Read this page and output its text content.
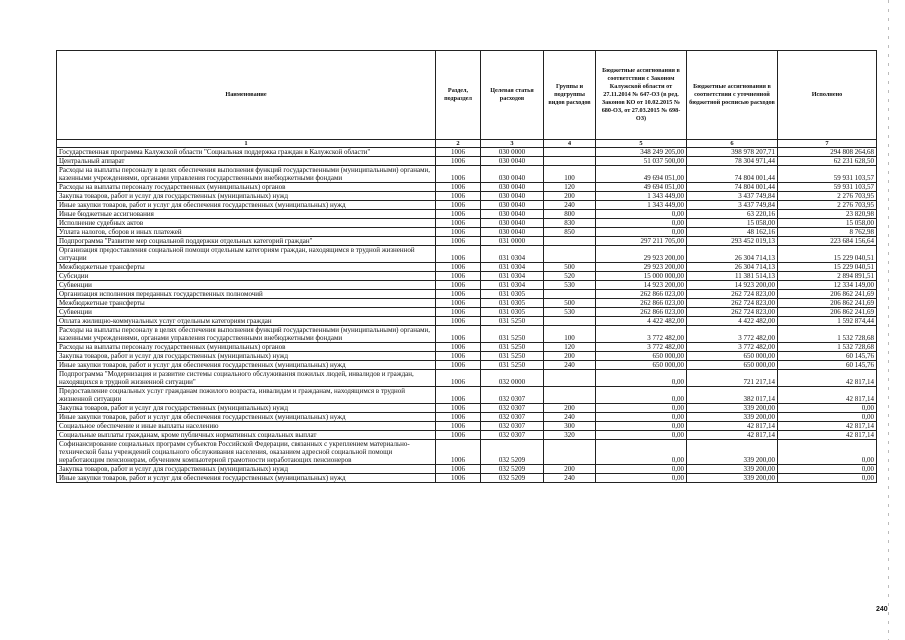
Наименование	Раздел, подраздел	Целевая статья расходов	Группы и подгруппы видов расходов	Бюджетные ассигнования в соответствии с Законом Калужской области от 27.11.2014 № 647-ОЗ (в ред. Законов КО от 10.02.2015 № 680-ОЗ, от 27.03.2015 № 698-ОЗ)	Бюджетные ассигнования в соответствии с уточненной бюджетной росписью расходов	Исполнено
1	2	3	4	5	6	7
Государственная программа Калужской области "Социальная поддержка граждан в Калужской области"	1006	030 0000		348 249 205,00	398 978 207,71	294 808 264,68
Центральный аппарат	1006	030 0040		51 037 500,00	78 304 971,44	62 231 628,50
Расходы на выплаты персоналу в целях обеспечения выполнения функций государственными (муниципальными) органами, казенными учреждениями, органами управления государственными внебюджетными фондами	1006	030 0040	100	49 694 051,00	74 804 001,44	59 931 103,57
Расходы на выплаты персоналу государственных (муниципальных) органов	1006	030 0040	120	49 694 051,00	74 804 001,44	59 931 103,57
Закупка товаров, работ и услуг для государственных (муниципальных) нужд	1006	030 0040	200	1 343 449,00	3 437 749,84	2 276 703,95
Иные закупки товаров, работ и услуг для обеспечения государственных (муниципальных) нужд	1006	030 0040	240	1 343 449,00	3 437 749,84	2 276 703,95
Иные бюджетные ассигнования	1006	030 0040	800	0,00	63 220,16	23 820,98
Исполнение судебных актов	1006	030 0040	830	0,00	15 058,00	15 058,00
Уплата налогов, сборов и иных платежей	1006	030 0040	850	0,00	48 162,16	8 762,98
Подпрограмма "Развитие мер социальной поддержки отдельных категорий граждан"	1006	031 0000		297 211 705,00	293 452 019,13	223 684 156,64
Организация предоставления социальной помощи отдельным категориям граждан, находящимся в трудной жизненной ситуации	1006	031 0304		29 923 200,00	26 304 714,13	15 229 040,51
Межбюджетные трансферты	1006	031 0304	500	29 923 200,00	26 304 714,13	15 229 040,51
Субсидии	1006	031 0304	520	15 000 000,00	11 381 514,13	2 894 891,51
Субвенции	1006	031 0304	530	14 923 200,00	14 923 200,00	12 334 149,00
Организация исполнения переданных государственных полномочий	1006	031 0305		262 866 023,00	262 724 823,00	206 862 241,69
Межбюджетные трансферты	1006	031 0305	500	262 866 023,00	262 724 823,00	206 862 241,69
Субвенции	1006	031 0305	530	262 866 023,00	262 724 823,00	206 862 241,69
Оплата жилищно-коммунальных услуг отдельным категориям граждан	1006	031 5250		4 422 482,00	4 422 482,00	1 592 874,44
Расходы на выплаты персоналу в целях обеспечения выполнения функций государственными (муниципальными) органами, казенными учреждениями, органами управления государственными внебюджетными фондами	1006	031 5250	100	3 772 482,00	3 772 482,00	1 532 728,68
Расходы на выплаты персоналу государственных (муниципальных) органов	1006	031 5250	120	3 772 482,00	3 772 482,00	1 532 728,68
Закупка товаров, работ и услуг для государственных (муниципальных) нужд	1006	031 5250	200	650 000,00	650 000,00	60 145,76
Иные закупки товаров, работ и услуг для обеспечения государственных (муниципальных) нужд	1006	031 5250	240	650 000,00	650 000,00	60 145,76
Подпрограмма "Модернизация и развитие системы социального обслуживания пожилых людей, инвалидов и граждан, находящихся в трудной жизненной ситуации"	1006	032 0000		0,00	721 217,14	42 817,14
Предоставление социальных услуг гражданам пожилого возраста, инвалидам и гражданам, находящимся в трудной жизненной ситуации	1006	032 0307		0,00	382 017,14	42 817,14
Закупка товаров, работ и услуг для государственных (муниципальных) нужд	1006	032 0307	200	0,00	339 200,00	0,00
Иные закупки товаров, работ и услуг для обеспечения государственных (муниципальных) нужд	1006	032 0307	240	0,00	339 200,00	0,00
Социальное обеспечение и иные выплаты населению	1006	032 0307	300	0,00	42 817,14	42 817,14
Социальные выплаты гражданам, кроме публичных нормативных социальных выплат	1006	032 0307	320	0,00	42 817,14	42 817,14
Софинансирование социальных программ субъектов Российской Федерации, связанных с укреплением материально-технической базы учреждений социального обслуживания населения, оказанием адресной социальной помощи неработающим пенсионерам, обучением компьютерной грамотности неработающих пенсионеров	1006	032 5209		0,00	339 200,00	0,00
Закупка товаров, работ и услуг для государственных (муниципальных) нужд	1006	032 5209	200	0,00	339 200,00	0,00
Иные закупки товаров, работ и услуг для обеспечения государственных (муниципальных) нужд	1006	032 5209	240	0,00	339 200,00	0,00
240
